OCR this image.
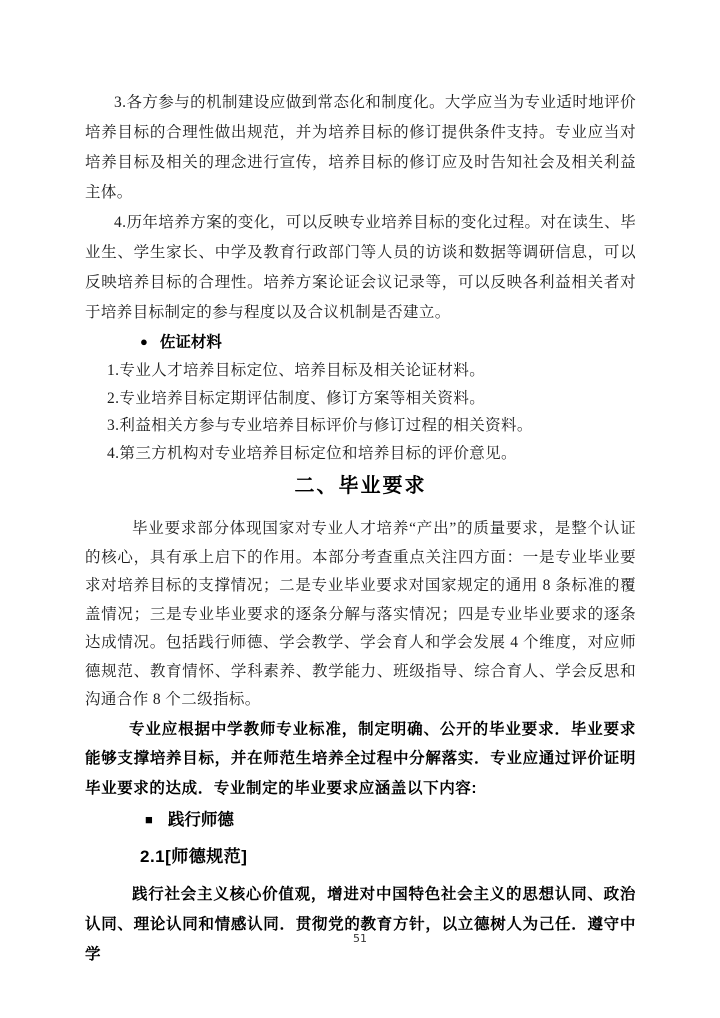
3.各方参与的机制建设应做到常态化和制度化。大学应当为专业适时地评价培养目标的合理性做出规范，并为培养目标的修订提供条件支持。专业应当对培养目标及相关的理念进行宣传，培养目标的修订应及时告知社会及相关利益主体。

4.历年培养方案的变化，可以反映专业培养目标的变化过程。对在读生、毕业生、学生家长、中学及教育行政部门等人员的访谈和数据等调研信息，可以反映培养目标的合理性。培养方案论证会议记录等，可以反映各利益相关者对于培养目标制定的参与程度以及合议机制是否建立。

● 佐证材料

1.专业人才培养目标定位、培养目标及相关论证材料。

2.专业培养目标定期评估制度、修订方案等相关资料。

3.利益相关方参与专业培养目标评价与修订过程的相关资料。

4.第三方机构对专业培养目标定位和培养目标的评价意见。

二、毕业要求

毕业要求部分体现国家对专业人才培养“产出”的质量要求，是整个认证的核心，具有承上启下的作用。本部分考查重点关注四方面：一是专业毕业要求对培养目标的支撑情况；二是专业毕业要求对国家规定的通用 8 条标准的覆盖情况；三是专业毕业要求的逐条分解与落实情况；四是专业毕业要求的逐条达成情况。包括践行师德、学会教学、学会育人和学会发展 4 个维度，对应师德规范、教育情怀、学科素养、教学能力、班级指导、综合育人、学会反思和沟通合作 8 个二级指标。

专业应根据中学教师专业标准，制定明确、公开的毕业要求．毕业要求能够支撑培养目标，并在师范生培养全过程中分解落实．专业应通过评价证明毕业要求的达成．专业制定的毕业要求应涵盖以下内容:

■ 践行师德
2.1[师德规范]

践行社会主义核心价值观，增进对中国特色社会主义的思想认同、政治认同、理论认同和情感认同．贯彻党的教育方针，以立德树人为己任．遵守中学

51
